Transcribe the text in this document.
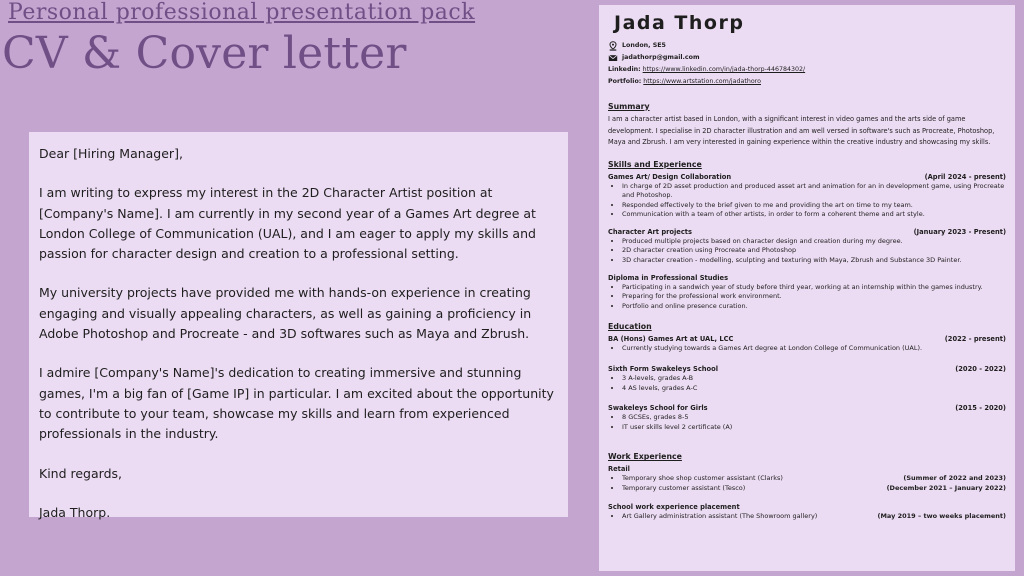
Personal professional presentation pack
CV & Cover letter

Dear [Hiring Manager],

I am writing to express my interest in the 2D Character Artist position at [Company's Name]. I am currently in my second year of a Games Art degree at London College of Communication (UAL), and I am eager to apply my skills and passion for character design and creation to a professional setting.

My university projects have provided me with hands-on experience in creating engaging and visually appealing characters, as well as gaining a proficiency in Adobe Photoshop and Procreate - and 3D softwares such as Maya and Zbrush.

I admire [Company's Name]'s dedication to creating immersive and stunning games, I'm a big fan of [Game IP] in particular. I am excited about the opportunity to contribute to your team, showcase my skills and learn from experienced professionals in the industry.

Kind regards,

Jada Thorp.

Jada Thorp
London, SE5
jadathorp@gmail.com
Linkedin: https://www.linkedin.com/in/jada-thorp-446784302/
Portfolio: https://www.artstation.com/jadathoro
Summary

I am a character artist based in London, with a significant interest in video games and the arts side of game development. I specialise in 2D character illustration and am well versed in software's such as Procreate, Photoshop, Maya and Zbrush. I am very interested in gaining experience within the creative industry and showcasing my skills.

Skills and Experience
Games Art/ Design Collaboration	(April 2024 - present)
• In charge of 2D asset production and produced asset art and animation for an in development game, using Procreate and Photoshop.
• Responded effectively to the brief given to me and providing the art on time to my team.
• Communication with a team of other artists, in order to form a coherent theme and art style.
Character Art projects	(January 2023 - Present)
• Produced multiple projects based on character design and creation during my degree.
• 2D character creation using Procreate and Photoshop
• 3D character creation - modelling, sculpting and texturing with Maya, Zbrush and Substance 3D Painter.
Diploma in Professional Studies
• Participating in a sandwich year of study before third year, working at an internship within the games industry.
• Preparing for the professional work environment.
• Portfolio and online presence curation.
Education
BA (Hons) Games Art at UAL, LCC	(2022 - present)
• Currently studying towards a Games Art degree at London College of Communication (UAL).
Sixth Form Swakeleys School	(2020 - 2022)
• 3 A-levels, grades A-B
• 4 AS levels, grades A-C
Swakeleys School for Girls	(2015 - 2020)
• 8 GCSEs, grades 8-5
• IT user skills level 2 certificate (A)
Work Experience
Retail
• Temporary shoe shop customer assistant (Clarks)	(Summer of 2022 and 2023)
• Temporary customer assistant (Tesco)	(December 2021 – January 2022)
School work experience placement
• Art Gallery administration assistant (The Showroom gallery)	(May 2019 – two weeks placement)
